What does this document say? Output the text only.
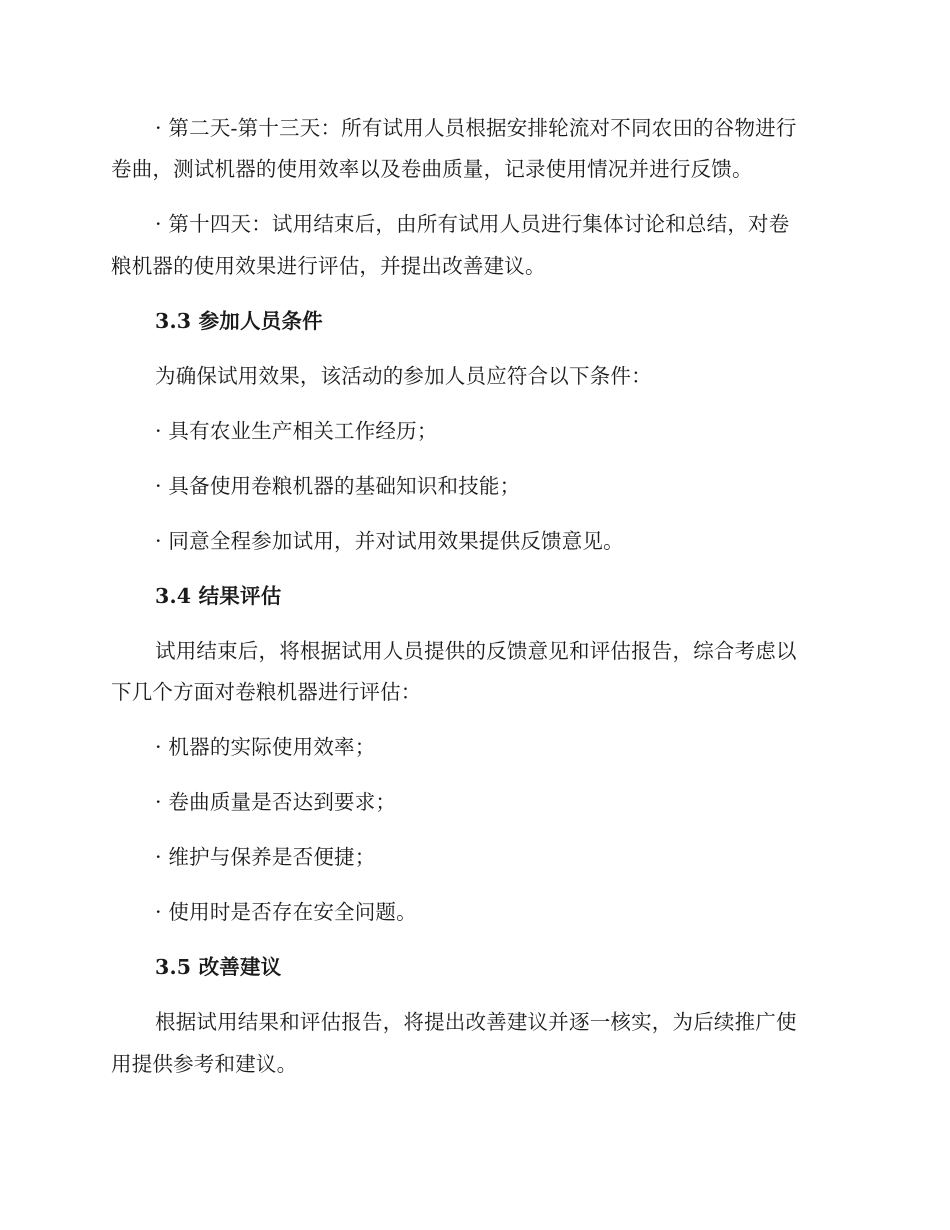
· 第二天-第十三天：所有试用人员根据安排轮流对不同农田的谷物进行
卷曲，测试机器的使用效率以及卷曲质量，记录使用情况并进行反馈。
· 第十四天：试用结束后，由所有试用人员进行集体讨论和总结，对卷
粮机器的使用效果进行评估，并提出改善建议。
3.3 参加人员条件
为确保试用效果，该活动的参加人员应符合以下条件：
· 具有农业生产相关工作经历；
· 具备使用卷粮机器的基础知识和技能；
· 同意全程参加试用，并对试用效果提供反馈意见。
3.4 结果评估
试用结束后，将根据试用人员提供的反馈意见和评估报告，综合考虑以
下几个方面对卷粮机器进行评估：
· 机器的实际使用效率；
· 卷曲质量是否达到要求；
· 维护与保养是否便捷；
· 使用时是否存在安全问题。
3.5 改善建议
根据试用结果和评估报告，将提出改善建议并逐一核实，为后续推广使
用提供参考和建议。
